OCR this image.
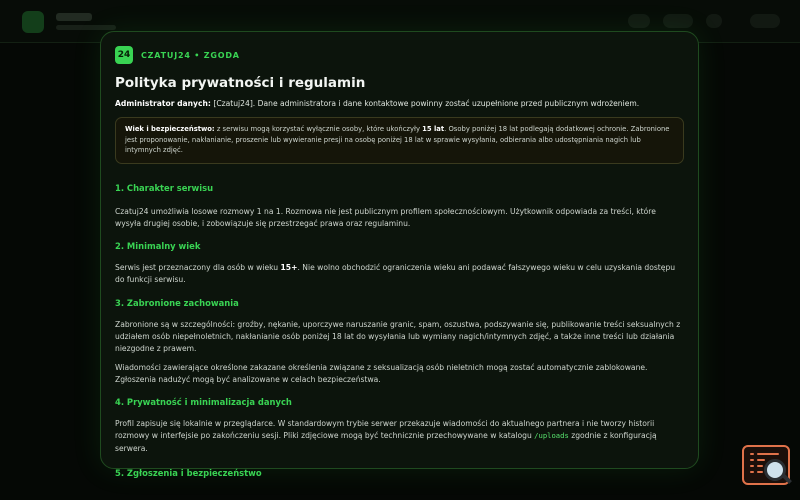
24 CZATUJ24 • ZGODA
Polityka prywatności i regulamin
Administrator danych: [Czatuj24]. Dane administratora i dane kontaktowe powinny zostać uzupełnione przed publicznym wdrożeniem.
Wiek i bezpieczeństwo: z serwisu mogą korzystać wyłącznie osoby, które ukończyły 15 lat. Osoby poniżej 18 lat podlegają dodatkowej ochronie. Zabronione jest proponowanie, nakłanianie, proszenie lub wywieranie presji na osobę poniżej 18 lat w sprawie wysyłania, odbierania albo udostępniania nagich lub intymnych zdjęć.
1. Charakter serwisu
Czatuj24 umożliwia losowe rozmowy 1 na 1. Rozmowa nie jest publicznym profilem społecznościowym. Użytkownik odpowiada za treści, które wysyła drugiej osobie, i zobowiązuje się przestrzegać prawa oraz regulaminu.
2. Minimalny wiek
Serwis jest przeznaczony dla osób w wieku 15+. Nie wolno obchodzić ograniczenia wieku ani podawać fałszywego wieku w celu uzyskania dostępu do funkcji serwisu.
3. Zabronione zachowania
Zabronione są w szczególności: groźby, nękanie, uporczywe naruszanie granic, spam, oszustwa, podszywanie się, publikowanie treści seksualnych z udziałem osób niepełnoletnich, nakłanianie osób poniżej 18 lat do wysyłania lub wymiany nagich/intymnych zdjęć, a także inne treści lub działania niezgodne z prawem.
Wiadomości zawierające określone zakazane określenia związane z seksualizacją osób nieletnich mogą zostać automatycznie zablokowane. Zgłoszenia nadużyć mogą być analizowane w celach bezpieczeństwa.
4. Prywatność i minimalizacja danych
Profil zapisuje się lokalnie w przeglądarce. W standardowym trybie serwer przekazuje wiadomości do aktualnego partnera i nie tworzy historii rozmowy w interfejsie po zakończeniu sesji. Pliki zdjęciowe mogą być technicznie przechowywane w katalogu /uploads zgodnie z konfiguracją serwera.
5. Zgłoszenia i bezpieczeństwo
